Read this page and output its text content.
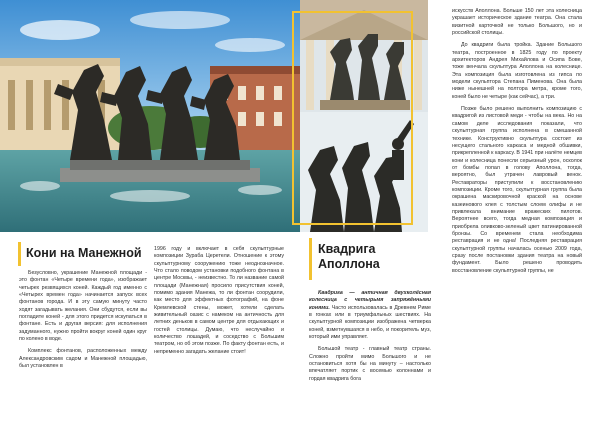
Кони на Манежной

Безусловно, украшение Манежной площади - это фонтан «Четыре времени года», изображает четырех резвящихся коней. Каждый год именно с «Четырех времен года» начинается запуск всех фонтанов города. И в эту самую минуту часто ходят загадывать желания. Они сбудутся, если вы погладите коней - для этого придется искупаться в фонтане. Есть и другая версия: для исполнения задуманного, нужно пройти вокруг коней один круг по колено в воде.

Комплекс фонтанов, расположенных между Александровским садом и Манежной площадью, был установлен в

1996 году и включает в себя скульптурные композиции Зураба Церетели. Отношение к этому скульптурному сооружению тоже неоднозначное. Что стало поводом установки подобного фонтана в центре Москвы, - неизвестно. То ли название самой площади (Манежная) просило присутствия коней, помимо здания Манежа, то ли фонтан соорудили, как место для эффектных фотографий, на фоне Кремлевской стены, может, хотели сделать живительный оазис с намеком на античность для летних деньков в самом центре для отдыхающих и гостей столицы. Думаю, что неслучайно и количество лошадей, и соседство с Большим театром, но об этом позже. По факту фонтан есть, и непременно загадать желание стоит!

Квадрига Аполлона

Квадрига — античная двухколёсная колесница с четырьмя запряжёнными конями. Часто использовалась в Древнем Риме в гонках или в триумфальных шествиях. На скульптурной композиции изображена четверка коней, взметнувшаяся в небо, и покоритель муз, который ими управляет.

Большой театр - главный театр страны. Сложно пройти мимо Большого и не остановиться хотя бы на минуту – настолько впечатляет портик с восемью колоннами и гордая квадрига бога

искусств Аполлона. Больше 150 лет эта колесница украшает историческое здание театра. Она стала визитной карточкой не только Большого, но и российской столицы.

До квадриги была тройка. Здание Большого театра, построенное в 1825 году по проекту архитекторов Андрея Михайлова и Осипа Бове, тоже венчала скульптура Аполлона на колеснице. Эта композиция была изготовлена из гипса по модели скульптора Степана Пименова. Она была ниже нынешней на полтора метра, кроме того, коней было не четыре (как сейчас), а три.

Позже было решено выполнить композицию с квадригой из листовой меди - чтобы на века. Но на самом деле исследования показали, что скульптурная группа исполнена в смешанной технике. Конструктивно скульптура состоит из несущего стального каркаса и медной обшивки, прикрепленной к каркасу. В 1941 при налёте немцев кони и колесница понесли серьезный урон, осколок от бомбы попал в голову Аполлона, тогда, вероятно, был утрачен лавровый венок. Реставраторы приступили к восстановлению композиции. Кроме того, скульптурная группа была окрашена маскировочной краской на основе казеинового клея с толстым слоем олифы и не привлекала внимание вражеских пилотов. Вероятнее всего, тогда медная композиция и приобрела оливково-зеленый цвет патинированной бронзы. Со временем стала необходима реставрация и не одна! Последняя реставрация скульптурной группы началась осенью 2009 года, сразу после постановки здания театра на новый фундамент. Было решено проводить восстановление скульптурной группы, не
